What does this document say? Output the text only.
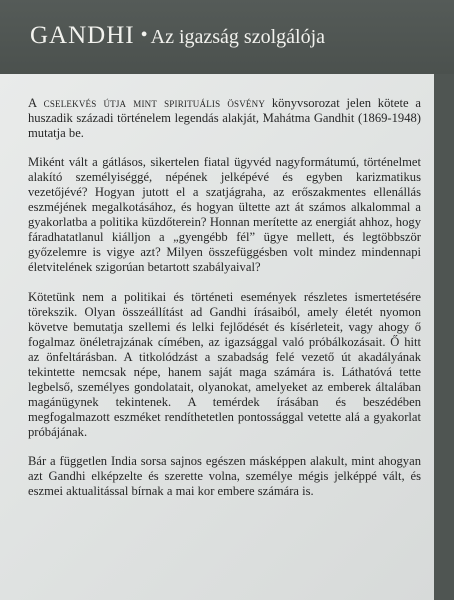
GANDHI • Az igazság szolgálója

A cselekvés útja mint spirituális ösvény könyvsorozat jelen kötete a huszadik századi történelem legendás alakját, Mahátma Gandhit (1869-1948) mutatja be.

Miként vált a gátlásos, sikertelen fiatal ügyvéd nagyformátumú, történelmet alakító személyiséggé, népének jelképévé és egyben karizmatikus vezetőjévé? Hogyan jutott el a szatjágraha, az erőszakmentes ellenállás eszméjének megalkotásához, és hogyan ültette azt át számos alkalommal a gyakorlatba a politika küzdőterein? Honnan merítette az energiát ahhoz, hogy fáradhatatlanul kiálljon a „gyengébb fél” ügye mellett, és legtöbbször győzelemre is vigye azt? Milyen összefüggésben volt mindez mindennapi életvitelének szigorúan betartott szabályaival?

Kötetünk nem a politikai és történeti események részletes ismertetésére törekszik. Olyan összeállítást ad Gandhi írásaiból, amely életét nyomon követve bemutatja szellemi és lelki fejlődését és kísérleteit, vagy ahogy ő fogalmaz önéletrajzának címében, az igazsággal való próbálkozásait. Ő hitt az önfeltárásban. A titkolódzást a szabadság felé vezető út akadályának tekintette nemcsak népe, hanem saját maga számára is. Láthatóvá tette legbelső, személyes gondolatait, olyanokat, amelyeket az emberek általában magánügynek tekintenek. A temérdek írásában és beszédében megfogalmazott eszméket rendíthetetlen pontossággal vetette alá a gyakorlat próbájának.

Bár a független India sorsa sajnos egészen másképpen alakult, mint ahogyan azt Gandhi elképzelte és szerette volna, személye mégis jelképpé vált, és eszmei aktualitással bírnak a mai kor embere számára is.
